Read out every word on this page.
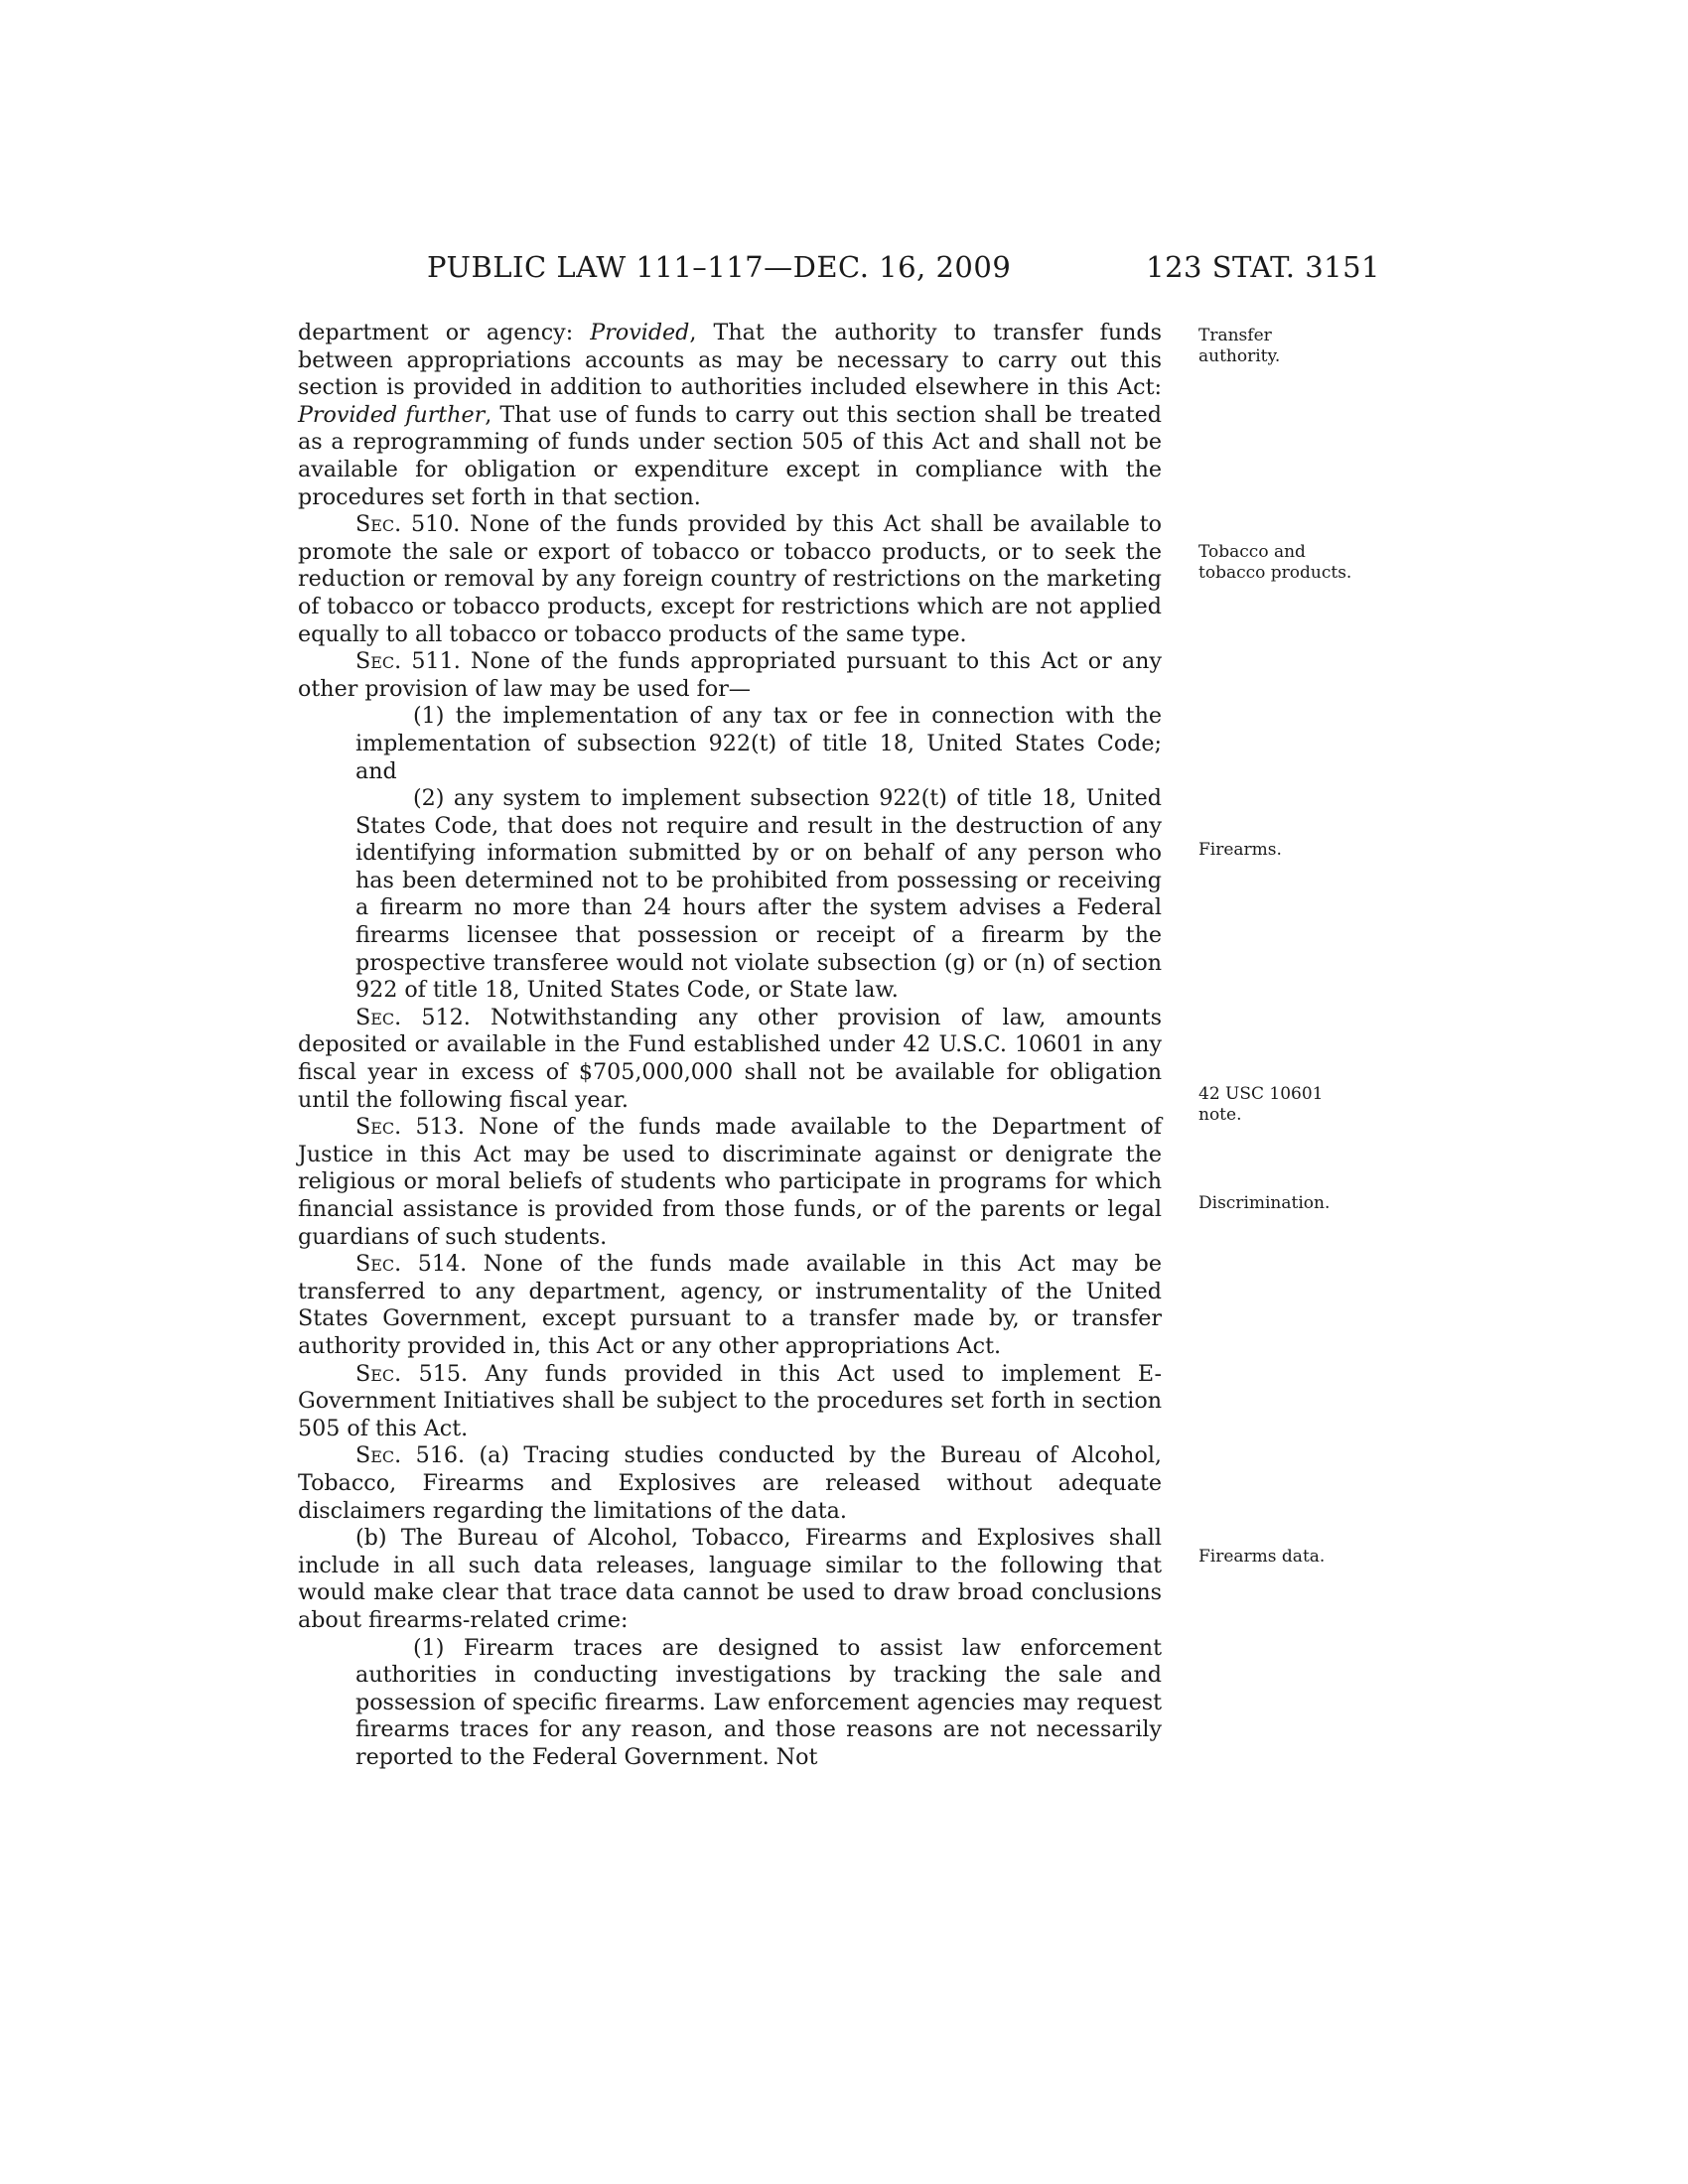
PUBLIC LAW 111–117—DEC. 16, 2009	123 STAT. 3151

department or agency: Provided, That the authority to transfer funds between appropriations accounts as may be necessary to carry out this section is provided in addition to authorities included elsewhere in this Act: Provided further, That use of funds to carry out this section shall be treated as a reprogramming of funds under section 505 of this Act and shall not be available for obligation or expenditure except in compliance with the procedures set forth in that section.

Sec. 510. None of the funds provided by this Act shall be available to promote the sale or export of tobacco or tobacco products, or to seek the reduction or removal by any foreign country of restrictions on the marketing of tobacco or tobacco products, except for restrictions which are not applied equally to all tobacco or tobacco products of the same type.

Sec. 511. None of the funds appropriated pursuant to this Act or any other provision of law may be used for—

(1) the implementation of any tax or fee in connection with the implementation of subsection 922(t) of title 18, United States Code; and

(2) any system to implement subsection 922(t) of title 18, United States Code, that does not require and result in the destruction of any identifying information submitted by or on behalf of any person who has been determined not to be prohibited from possessing or receiving a firearm no more than 24 hours after the system advises a Federal firearms licensee that possession or receipt of a firearm by the prospective transferee would not violate subsection (g) or (n) of section 922 of title 18, United States Code, or State law.

Sec. 512. Notwithstanding any other provision of law, amounts deposited or available in the Fund established under 42 U.S.C. 10601 in any fiscal year in excess of $705,000,000 shall not be available for obligation until the following fiscal year.

Sec. 513. None of the funds made available to the Department of Justice in this Act may be used to discriminate against or denigrate the religious or moral beliefs of students who participate in programs for which financial assistance is provided from those funds, or of the parents or legal guardians of such students.

Sec. 514. None of the funds made available in this Act may be transferred to any department, agency, or instrumentality of the United States Government, except pursuant to a transfer made by, or transfer authority provided in, this Act or any other appropriations Act.

Sec. 515. Any funds provided in this Act used to implement E-Government Initiatives shall be subject to the procedures set forth in section 505 of this Act.

Sec. 516. (a) Tracing studies conducted by the Bureau of Alcohol, Tobacco, Firearms and Explosives are released without adequate disclaimers regarding the limitations of the data.

(b) The Bureau of Alcohol, Tobacco, Firearms and Explosives shall include in all such data releases, language similar to the following that would make clear that trace data cannot be used to draw broad conclusions about firearms-related crime:

(1) Firearm traces are designed to assist law enforcement authorities in conducting investigations by tracking the sale and possession of specific firearms. Law enforcement agencies may request firearms traces for any reason, and those reasons are not necessarily reported to the Federal Government. Not

Transfer
authority.
Tobacco and
tobacco products.
Firearms.
42 USC 10601
note.
Discrimination.
Firearms data.
